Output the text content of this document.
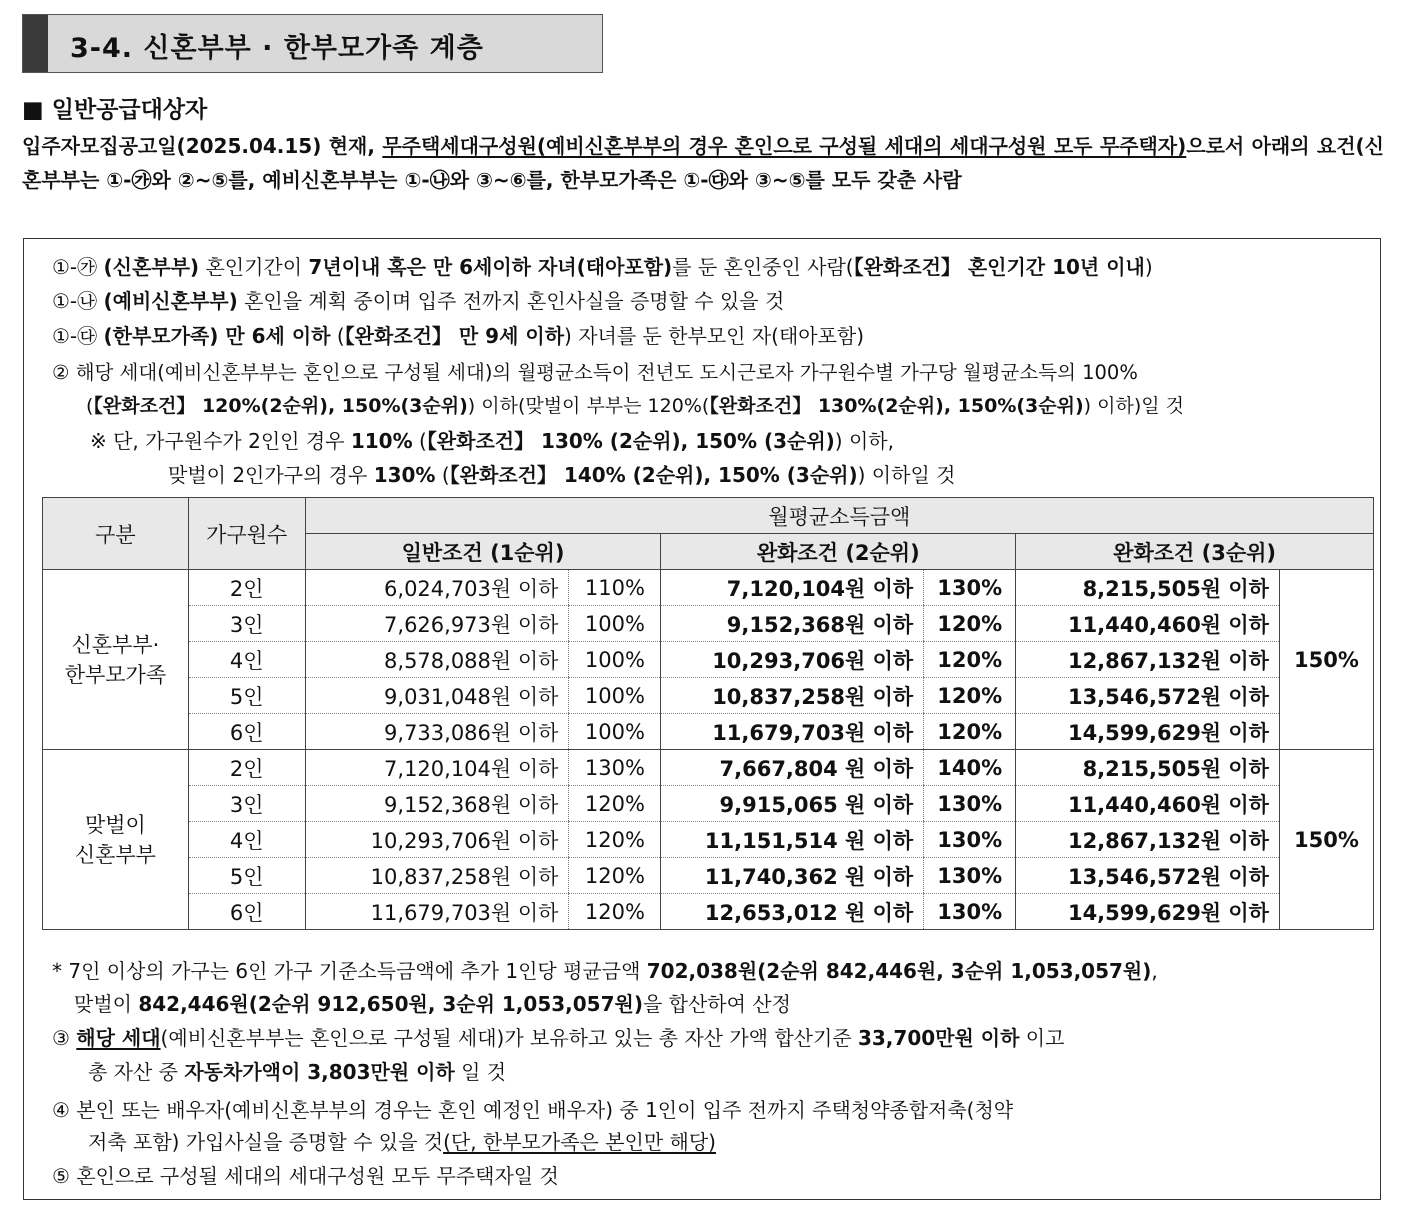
3-4. 신혼부부 · 한부모가족 계층
■ 일반공급대상자
입주자모집공고일(2025.04.15) 현재, 무주택세대구성원(예비신혼부부의 경우 혼인으로 구성될 세대의 세대구성원 모두 무주택자)으로서 아래의 요건(신혼부부는 ①-㉮와 ②~⑤를, 예비신혼부부는 ①-㉯와 ③~⑥를, 한부모가족은 ①-㉰와 ③~⑤를 모두 갖춘 사람
①-㉮ (신혼부부) 혼인기간이 7년이내 혹은 만 6세이하 자녀(태아포함)를 둔 혼인중인 사람(【완화조건】 혼인기간 10년 이내)
①-㉯ (예비신혼부부) 혼인을 계획 중이며 입주 전까지 혼인사실을 증명할 수 있을 것
①-㉰ (한부모가족) 만 6세 이하 (【완화조건】 만 9세 이하) 자녀를 둔 한부모인 자(태아포함)
② 해당 세대(예비신혼부부는 혼인으로 구성될 세대)의 월평균소득이 전년도 도시근로자 가구원수별 가구당 월평균소득의 100%
(【완화조건】 120%(2순위), 150%(3순위)) 이하(맞벌이 부부는 120%(【완화조건】 130%(2순위), 150%(3순위)) 이하)일 것
※ 단, 가구원수가 2인인 경우 110% (【완화조건】 130% (2순위), 150% (3순위)) 이하,
맞벌이 2인가구의 경우 130% (【완화조건】 140% (2순위), 150% (3순위)) 이하일 것
구분	가구원수	월평균소득금액					
		일반조건 (1순위)		완화조건 (2순위)		완화조건 (3순위)	
신혼부부·
한부모가족	2인	6,024,703원 이하	110%	7,120,104원 이하	130%	8,215,505원 이하	150%
	3인	7,626,973원 이하	100%	9,152,368원 이하	120%	11,440,460원 이하	
	4인	8,578,088원 이하	100%	10,293,706원 이하	120%	12,867,132원 이하	
	5인	9,031,048원 이하	100%	10,837,258원 이하	120%	13,546,572원 이하	
	6인	9,733,086원 이하	100%	11,679,703원 이하	120%	14,599,629원 이하	
맞벌이
신혼부부	2인	7,120,104원 이하	130%	7,667,804 원 이하	140%	8,215,505원 이하	150%
	3인	9,152,368원 이하	120%	9,915,065 원 이하	130%	11,440,460원 이하	
	4인	10,293,706원 이하	120%	11,151,514 원 이하	130%	12,867,132원 이하	
	5인	10,837,258원 이하	120%	11,740,362 원 이하	130%	13,546,572원 이하	
	6인	11,679,703원 이하	120%	12,653,012 원 이하	130%	14,599,629원 이하	
* 7인 이상의 가구는 6인 가구 기준소득금액에 추가 1인당 평균금액 702,038원(2순위 842,446원, 3순위 1,053,057원),
맞벌이 842,446원(2순위 912,650원, 3순위 1,053,057원)을 합산하여 산정
③ 해당 세대(예비신혼부부는 혼인으로 구성될 세대)가 보유하고 있는 총 자산 가액 합산기준 33,700만원 이하 이고
총 자산 중 자동차가액이 3,803만원 이하 일 것
④ 본인 또는 배우자(예비신혼부부의 경우는 혼인 예정인 배우자) 중 1인이 입주 전까지 주택청약종합저축(청약
저축 포함) 가입사실을 증명할 수 있을 것(단, 한부모가족은 본인만 해당)
⑤ 혼인으로 구성될 세대의 세대구성원 모두 무주택자일 것
